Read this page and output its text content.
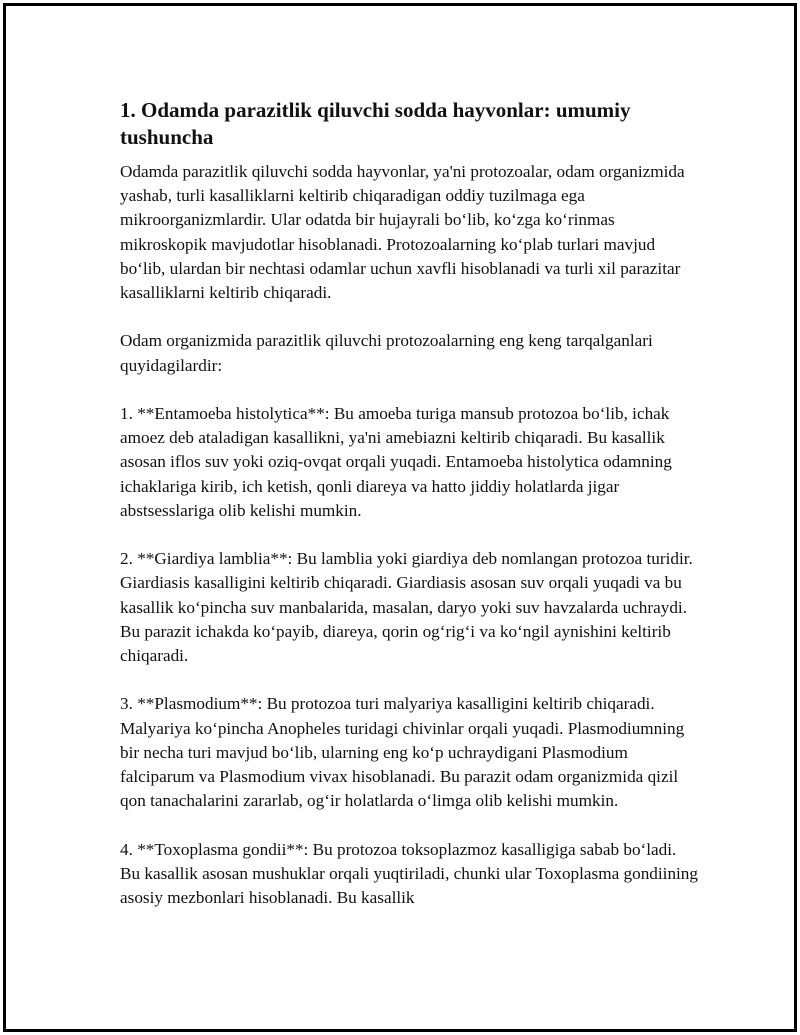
1. Odamda parazitlik qiluvchi sodda hayvonlar: umumiy tushuncha

Odamda parazitlik qiluvchi sodda hayvonlar, ya'ni protozoalar, odam organizmida yashab, turli kasalliklarni keltirib chiqaradigan oddiy tuzilmaga ega mikroorganizmlardir. Ular odatda bir hujayrali bo‘lib, ko‘zga ko‘rinmas mikroskopik mavjudotlar hisoblanadi. Protozoalarning ko‘plab turlari mavjud bo‘lib, ulardan bir nechtasi odamlar uchun xavfli hisoblanadi va turli xil parazitar kasalliklarni keltirib chiqaradi.

Odam organizmida parazitlik qiluvchi protozoalarning eng keng tarqalganlari quyidagilardir:

1. **Entamoeba histolytica**: Bu amoeba turiga mansub protozoa bo‘lib, ichak amoez deb ataladigan kasallikni, ya'ni amebiazni keltirib chiqaradi. Bu kasallik asosan iflos suv yoki oziq-ovqat orqali yuqadi. Entamoeba histolytica odamning ichaklariga kirib, ich ketish, qonli diareya va hatto jiddiy holatlarda jigar abstsesslariga olib kelishi mumkin.

2. **Giardiya lamblia**: Bu lamblia yoki giardiya deb nomlangan protozoa turidir. Giardiasis kasalligini keltirib chiqaradi. Giardiasis asosan suv orqali yuqadi va bu kasallik ko‘pincha suv manbalarida, masalan, daryo yoki suv havzalarda uchraydi. Bu parazit ichakda ko‘payib, diareya, qorin og‘rig‘i va ko‘ngil aynishini keltirib chiqaradi.

3. **Plasmodium**: Bu protozoa turi malyariya kasalligini keltirib chiqaradi. Malyariya ko‘pincha Anopheles turidagi chivinlar orqali yuqadi. Plasmodiumning bir necha turi mavjud bo‘lib, ularning eng ko‘p uchraydigani Plasmodium falciparum va Plasmodium vivax hisoblanadi. Bu parazit odam organizmida qizil qon tanachalarini zararlab, og‘ir holatlarda o‘limga olib kelishi mumkin.

4. **Toxoplasma gondii**: Bu protozoa toksoplazmoz kasalligiga sabab bo‘ladi. Bu kasallik asosan mushuklar orqali yuqtiriladi, chunki ular Toxoplasma gondiining asosiy mezbonlari hisoblanadi. Bu kasallik
